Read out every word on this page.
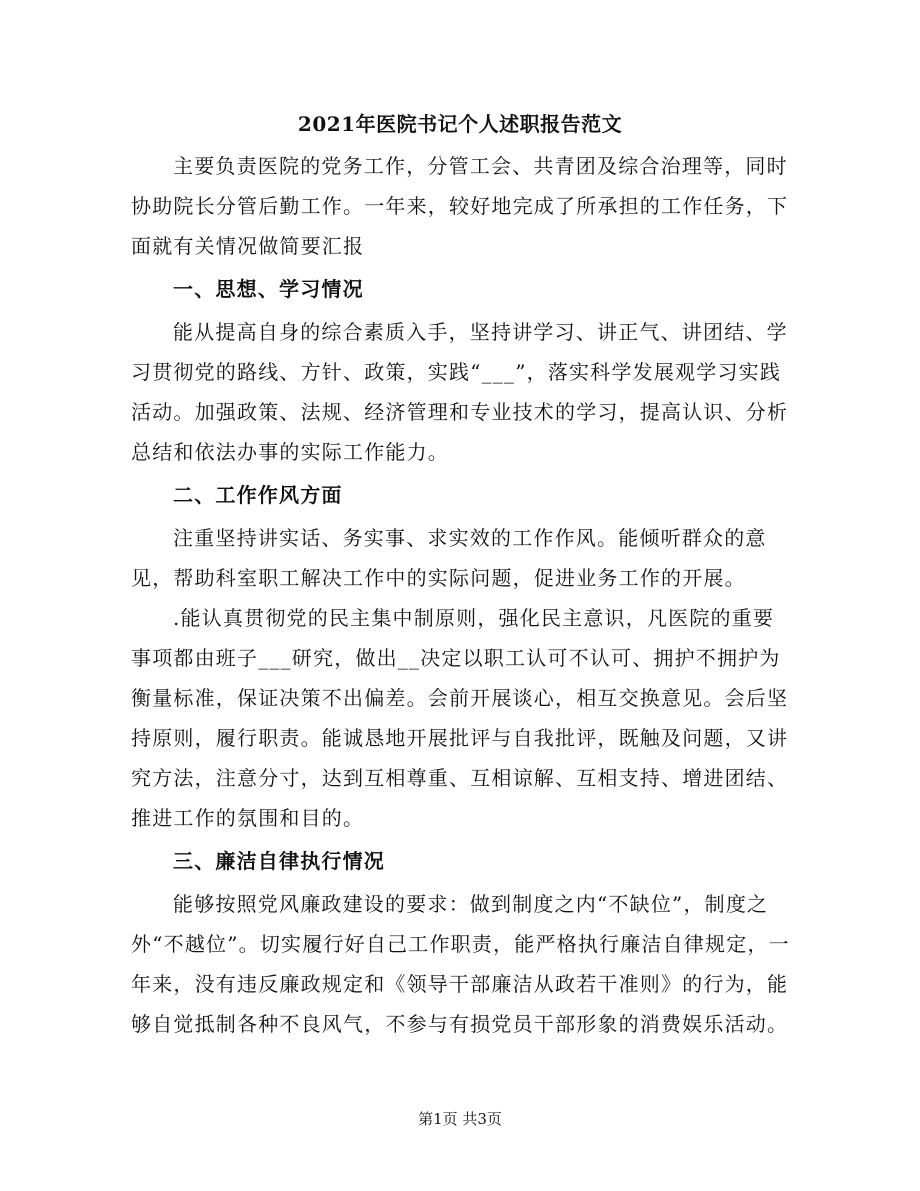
2021年医院书记个人述职报告范文

主要负责医院的党务工作，分管工会、共青团及综合治理等，同时协助院长分管后勤工作。一年来，较好地完成了所承担的工作任务，下面就有关情况做简要汇报

一、思想、学习情况

能从提高自身的综合素质入手，坚持讲学习、讲正气、讲团结、学习贯彻党的路线、方针、政策，实践“___”，落实科学发展观学习实践活动。加强政策、法规、经济管理和专业技术的学习，提高认识、分析总结和依法办事的实际工作能力。

二、工作作风方面

注重坚持讲实话、务实事、求实效的工作作风。能倾听群众的意见，帮助科室职工解决工作中的实际问题，促进业务工作的开展。

.能认真贯彻党的民主集中制原则，强化民主意识，凡医院的重要事项都由班子___研究，做出__决定以职工认可不认可、拥护不拥护为衡量标准，保证决策不出偏差。会前开展谈心，相互交换意见。会后坚持原则，履行职责。能诚恳地开展批评与自我批评，既触及问题，又讲究方法，注意分寸，达到互相尊重、互相谅解、互相支持、增进团结、推进工作的氛围和目的。

三、廉洁自律执行情况

能够按照党风廉政建设的要求：做到制度之内“不缺位”，制度之外“不越位”。切实履行好自己工作职责，能严格执行廉洁自律规定，一年来，没有违反廉政规定和《领导干部廉洁从政若干准则》的行为，能够自觉抵制各种不良风气，不参与有损党员干部形象的消费娱乐活动。

第1页 共3页
